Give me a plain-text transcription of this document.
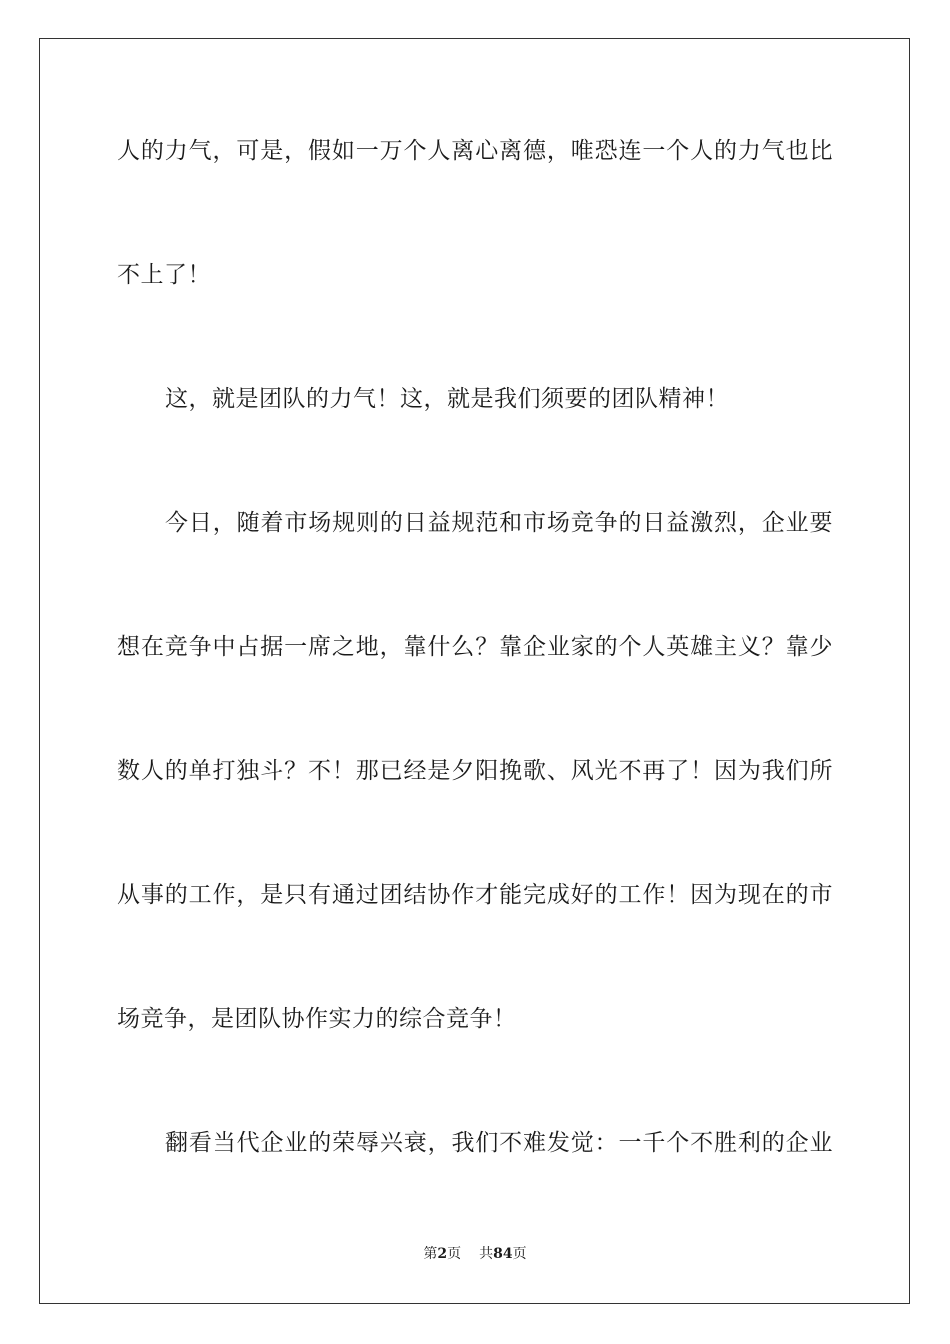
人的力气，可是，假如一万个人离心离德，唯恐连一个人的力气也比
不上了！
这，就是团队的力气！这，就是我们须要的团队精神！
今日，随着市场规则的日益规范和市场竞争的日益激烈，企业要
想在竞争中占据一席之地，靠什么？靠企业家的个人英雄主义？靠少
数人的单打独斗？不！那已经是夕阳挽歌、风光不再了！因为我们所
从事的工作，是只有通过团结协作才能完成好的工作！因为现在的市
场竞争，是团队协作实力的综合竞争！
翻看当代企业的荣辱兴衰，我们不难发觉：一千个不胜利的企业
第2页 共84页
